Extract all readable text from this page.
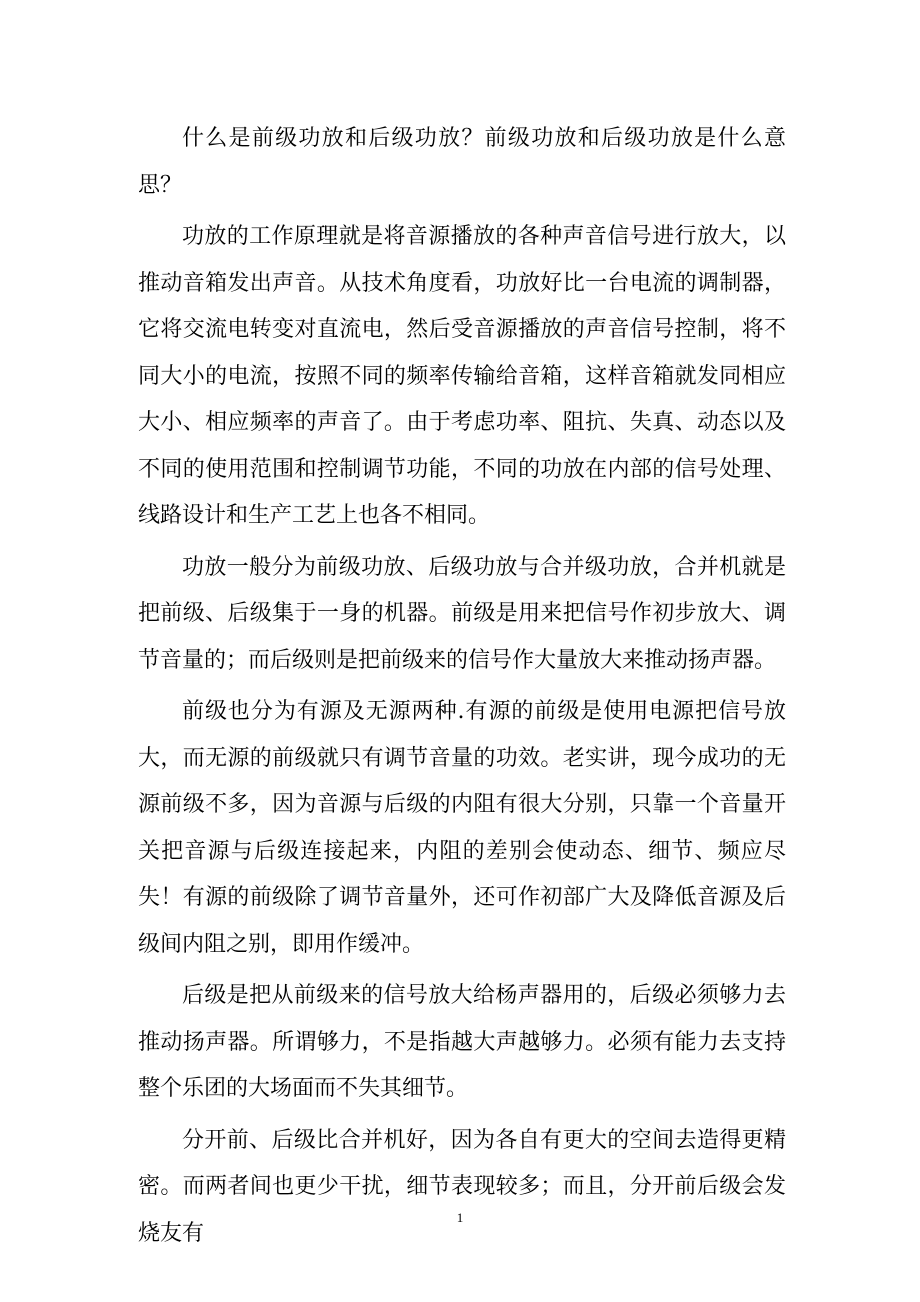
什么是前级功放和后级功放？前级功放和后级功放是什么意思？

功放的工作原理就是将音源播放的各种声音信号进行放大，以推动音箱发出声音。从技术角度看，功放好比一台电流的调制器，它将交流电转变对直流电，然后受音源播放的声音信号控制，将不同大小的电流，按照不同的频率传输给音箱，这样音箱就发同相应大小、相应频率的声音了。由于考虑功率、阻抗、失真、动态以及不同的使用范围和控制调节功能，不同的功放在内部的信号处理、线路设计和生产工艺上也各不相同。

功放一般分为前级功放、后级功放与合并级功放，合并机就是把前级、后级集于一身的机器。前级是用来把信号作初步放大、调节音量的；而后级则是把前级来的信号作大量放大来推动扬声器。

前级也分为有源及无源两种.有源的前级是使用电源把信号放大，而无源的前级就只有调节音量的功效。老实讲，现今成功的无源前级不多，因为音源与后级的内阻有很大分别，只靠一个音量开关把音源与后级连接起来，内阻的差别会使动态、细节、频应尽失！有源的前级除了调节音量外，还可作初部广大及降低音源及后级间内阻之别，即用作缓冲。

后级是把从前级来的信号放大给杨声器用的，后级必须够力去推动扬声器。所谓够力，不是指越大声越够力。必须有能力去支持整个乐团的大场面而不失其细节。

分开前、后级比合并机好，因为各自有更大的空间去造得更精密。而两者间也更少干扰，细节表现较多；而且，分开前后级会发烧友有

1
